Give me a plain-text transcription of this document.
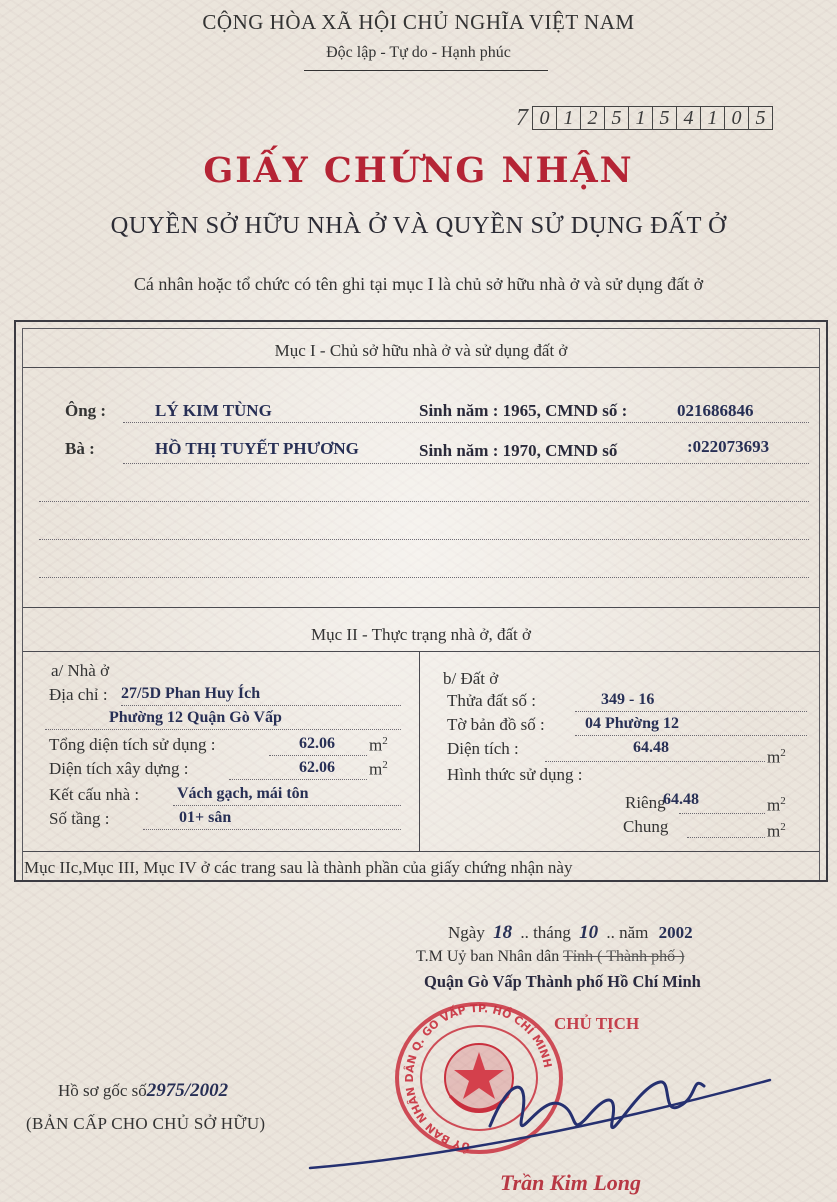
CỘNG HÒA XÃ HỘI CHỦ NGHĨA VIỆT NAM
Độc lập - Tự do - Hạnh phúc
7 0 1 2 5 1 5 4 1 0 5
GIẤY CHỨNG NHẬN
QUYỀN SỞ HỮU NHÀ Ở VÀ QUYỀN SỬ DỤNG ĐẤT Ở
Cá nhân hoặc tổ chức có tên ghi tại mục I là chủ sở hữu nhà ở và sử dụng đất ở
Mục I - Chủ sở hữu nhà ở và sử dụng đất ở
Ông :	LÝ KIM TÙNG	Sinh năm : 1965, CMND số :	021686846
Bà :	HỒ THỊ TUYẾT PHƯƠNG	Sinh năm : 1970, CMND số	:022073693
Mục II - Thực trạng nhà ở, đất ở
a/ Nhà ở
Địa chỉ : 27/5D Phan Huy Ích
Phường 12 Quận Gò Vấp
Tổng diện tích sử dụng :	62.06 $m^2$
Diện tích xây dựng :	62.06 $m^2$
Kết cấu nhà : Vách gạch, mái tôn
Số tầng :	01+ sân
b/ Đất ở
Thửa đất số :	349 - 16
Tờ bản đồ số :	04 Phường 12
Diện tích :	64.48
$m^2$
Hình thức sử dụng :
Riêng
64.48	$m^2$
Chung	$m^2$
Mục IIc,Mục III, Mục IV ở các trang sau là thành phần của giấy chứng nhận này
Ngày 18 .. tháng 10 .. năm 2002
T.M Uỷ ban Nhân dân Tỉnh ( Thành phố )
Quận Gò Vấp Thành phố Hồ Chí Minh
CHỦ TỊCH
ỦY BAN NHÂN DÂN Q. GÒ VẤP TP. HỒ CHÍ MINH
Trần Kim Long
Hồ sơ gốc số2975/2002
(BẢN CẤP CHO CHỦ SỞ HỮU)
